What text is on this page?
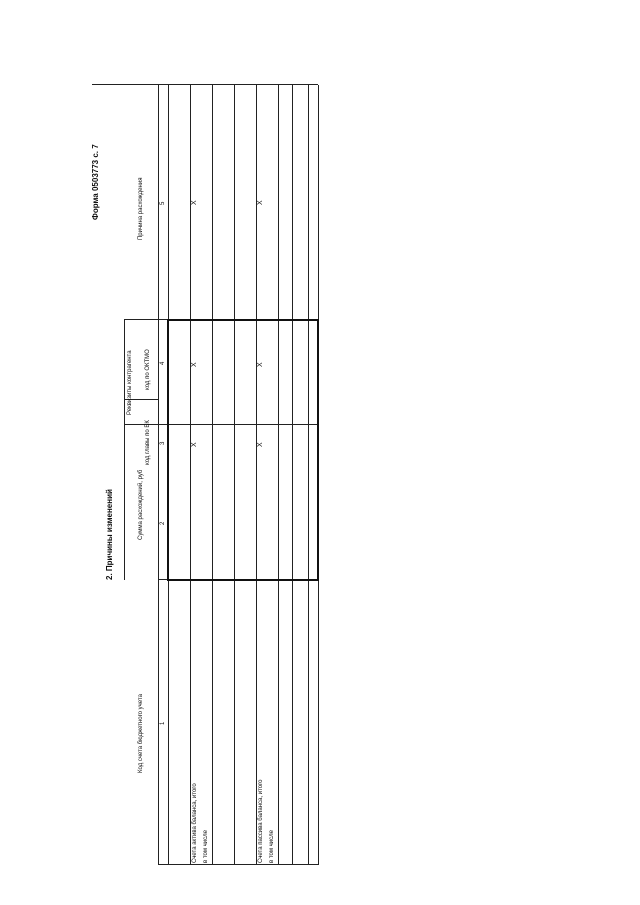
Форма 0503773 с. 7
2. Причины изменений
Код счета бюджетного учета
Сумма расхождений, руб
Реквизиты контрагента
код главы по БК
код по ОКТМО
Причина расхождения
1
2
3
4
5
Счета актива баланса, итого в том числе	Счета пассива баланса, итого в том числе
X
X
X
X
X
X
